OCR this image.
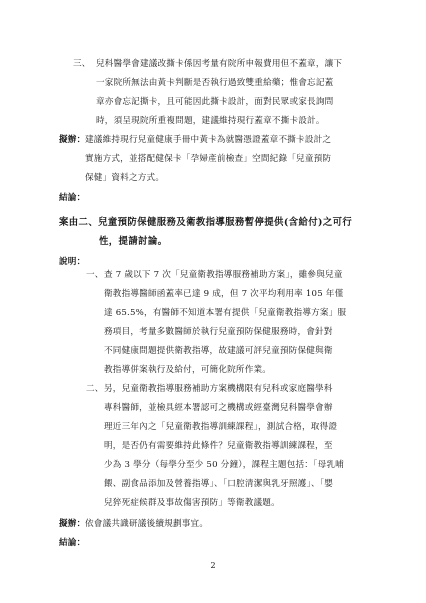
三、 兒科醫學會建議改撕卡係因考量有院所申報費用但不蓋章，讓下
一家院所無法由黃卡判斷是否執行過致雙重給藥；惟會忘記蓋
章亦會忘記撕卡，且可能因此撕卡設計，面對民眾或家長詢問
時，須呈現院所重複問題，建議維持現行蓋章不撕卡設計。
擬辦： 建議維持現行兒童健康手冊中黃卡為就醫憑證蓋章不撕卡設計之
實施方式，並搭配健保卡「孕婦產前檢查」空間紀錄「兒童預防
保健」資料之方式。
結論：
案由二、兒童預防保健服務及衛教指導服務暫停提供(含給付)之可行
性，提請討論。
說明：
一、 查 7 歲以下 7 次「兒童衛教指導服務補助方案」，雖參與兒童
衛教指導醫師函蓋率已達 9 成，但 7 次平均利用率 105 年僅
達 65.5%，有醫師不知道本署有提供「兒童衛教指導方案」服
務項目，考量多數醫師於執行兒童預防保健服務時，會針對
不同健康問題提供衛教指導，故建議可評兒童預防保健與衛
教指導併案執行及給付，可簡化院所作業。
二、 另，兒童衛教指導服務補助方案機構限有兒科或家庭醫學科
專科醫師，並檢具經本署認可之機構或經臺灣兒科醫學會辦
理近三年內之「兒童衛教指導訓練課程」，測試合格，取得證
明，是否仍有需要維持此條件？兒童衛教指導訓練課程，至
少為 3 學分（每學分至少 50 分鐘），課程主題包括：「母乳哺
餵、副食品添加及營養指導」、「口腔清潔與乳牙照護」、「嬰
兒猝死症候群及事故傷害預防」等衛教議題。
擬辦： 依會議共識研議後續規劃事宜。
結論：
2
